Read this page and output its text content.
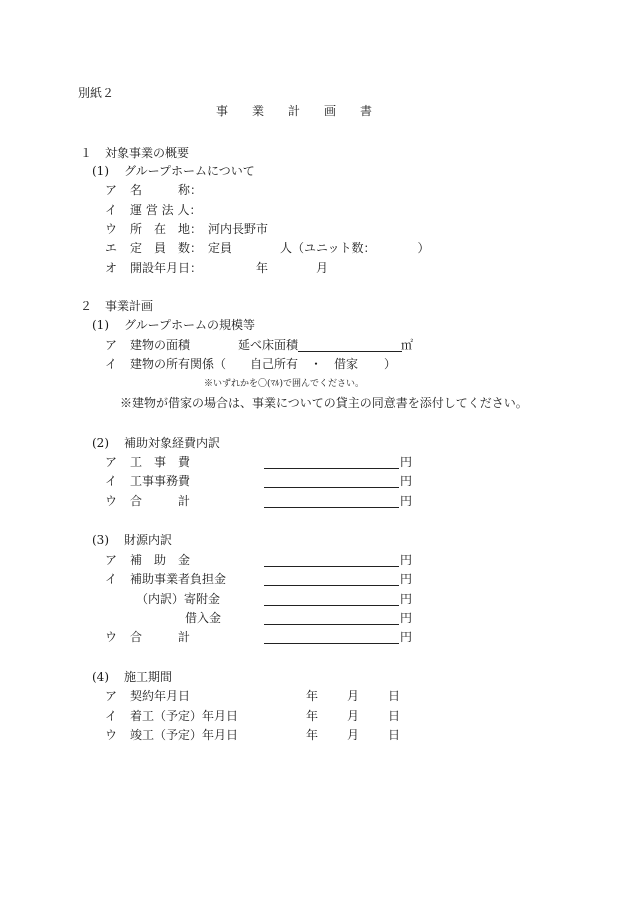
別紙２
事　　業　　計　　画　　書
１ 対象事業の概要
(1) グループホームについて
ア 名　　　称：
イ 運 営 法 人：
ウ 所　在　地： 河内長野市
エ 定　員　数： 定員　　　　人（ユニット数：　　　　）
オ 開設年月日： 　　　　年　　　　月
２ 事業計画
(1) グループホームの規模等
ア 建物の面積	延べ床面積	㎡
イ 建物の所有関係（ 自己所有　・　借家 ）
※いずれかを〇(ﾏﾙ)で囲んでください。
※建物が借家の場合は、事業についての貸主の同意書を添付してください。
(2) 補助対象経費内訳
ア 工　事　費	円
イ 工事事務費	円
ウ 合　　　計	円
(3) 財源内訳
ア 補　助　金	円
イ 補助事業者負担金	円
（内訳）寄附金	円
借入金	円
ウ 合　　　計	円
(4) 施工期間
ア 契約年月日	年 月 日
イ 着工（予定）年月日	年 月 日
ウ 竣工（予定）年月日	年 月 日
